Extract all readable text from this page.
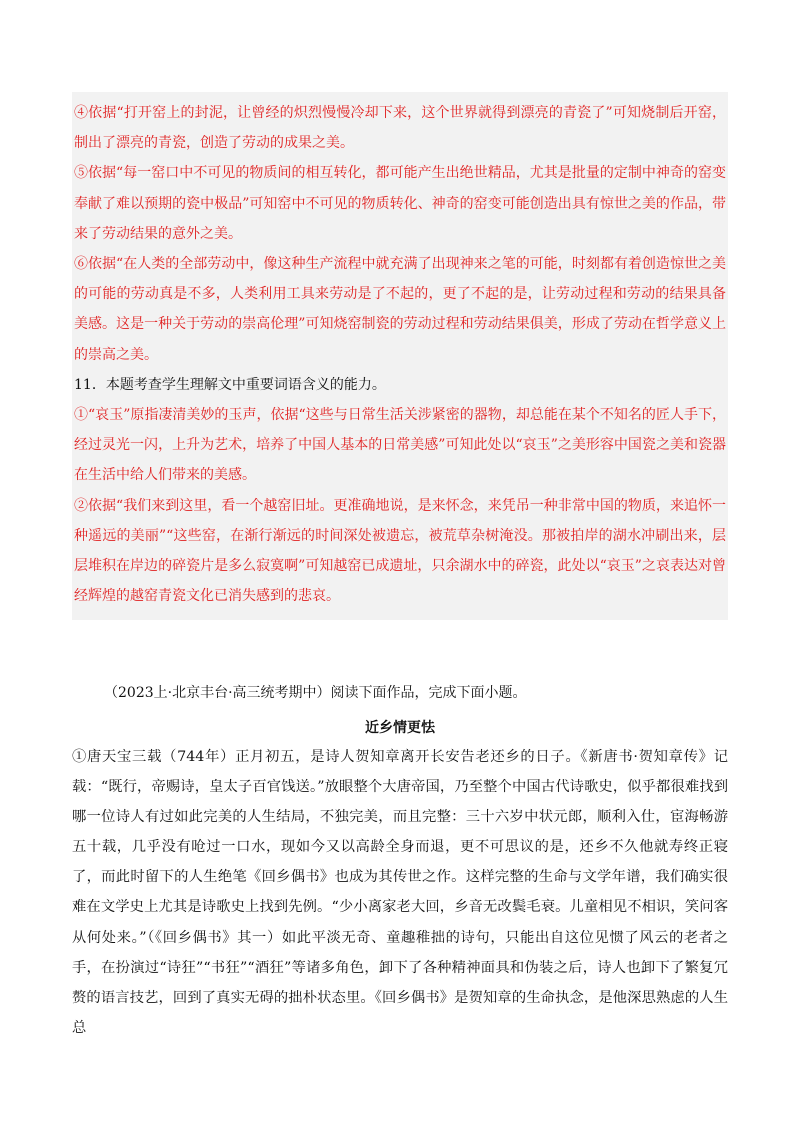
④依据“打开窑上的封泥，让曾经的炽烈慢慢冷却下来，这个世界就得到漂亮的青瓷了”可知烧制后开窑，制出了漂亮的青瓷，创造了劳动的成果之美。

⑤依据“每一窑口中不可见的物质间的相互转化，都可能产生出绝世精品，尤其是批量的定制中神奇的窑变奉献了难以预期的瓷中极品”可知窑中不可见的物质转化、神奇的窑变可能创造出具有惊世之美的作品，带来了劳动结果的意外之美。

⑥依据“在人类的全部劳动中，像这种生产流程中就充满了出现神来之笔的可能，时刻都有着创造惊世之美的可能的劳动真是不多，人类利用工具来劳动是了不起的，更了不起的是，让劳动过程和劳动的结果具备美感。这是一种关于劳动的崇高伦理”可知烧窑制瓷的劳动过程和劳动结果俱美，形成了劳动在哲学意义上的崇高之美。

11．本题考查学生理解文中重要词语含义的能力。

①“哀玉”原指凄清美妙的玉声，依据“这些与日常生活关涉紧密的器物，却总能在某个不知名的匠人手下，经过灵光一闪，上升为艺术，培养了中国人基本的日常美感”可知此处以“哀玉”之美形容中国瓷之美和瓷器在生活中给人们带来的美感。

②依据“我们来到这里，看一个越窑旧址。更准确地说，是来怀念，来凭吊一种非常中国的物质，来追怀一种遥远的美丽”“这些窑，在渐行渐远的时间深处被遗忘，被荒草杂树淹没。那被拍岸的湖水冲刷出来，层层堆积在岸边的碎瓷片是多么寂寞啊”可知越窑已成遗址，只余湖水中的碎瓷，此处以“哀玉”之哀表达对曾经辉煌的越窑青瓷文化已消失感到的悲哀。

（2023上·北京丰台·高三统考期中）阅读下面作品，完成下面小题。

近乡情更怯

①唐天宝三载（744年）正月初五，是诗人贺知章离开长安告老还乡的日子。《新唐书·贺知章传》记载：“既行，帝赐诗，皇太子百官饯送。”放眼整个大唐帝国，乃至整个中国古代诗歌史，似乎都很难找到哪一位诗人有过如此完美的人生结局，不独完美，而且完整：三十六岁中状元郎，顺利入仕，宦海畅游五十载，几乎没有呛过一口水，现如今又以高龄全身而退，更不可思议的是，还乡不久他就寿终正寝了，而此时留下的人生绝笔《回乡偶书》也成为其传世之作。这样完整的生命与文学年谱，我们确实很难在文学史上尤其是诗歌史上找到先例。“少小离家老大回，乡音无改鬓毛衰。儿童相见不相识，笑问客从何处来。”（《回乡偶书》其一）如此平淡无奇、童趣稚拙的诗句，只能出自这位见惯了风云的老者之手，在扮演过“诗狂”“书狂”“酒狂”等诸多角色，卸下了各种精神面具和伪装之后，诗人也卸下了繁复冗赘的语言技艺，回到了真实无碍的拙朴状态里。《回乡偶书》是贺知章的生命执念，是他深思熟虑的人生总
